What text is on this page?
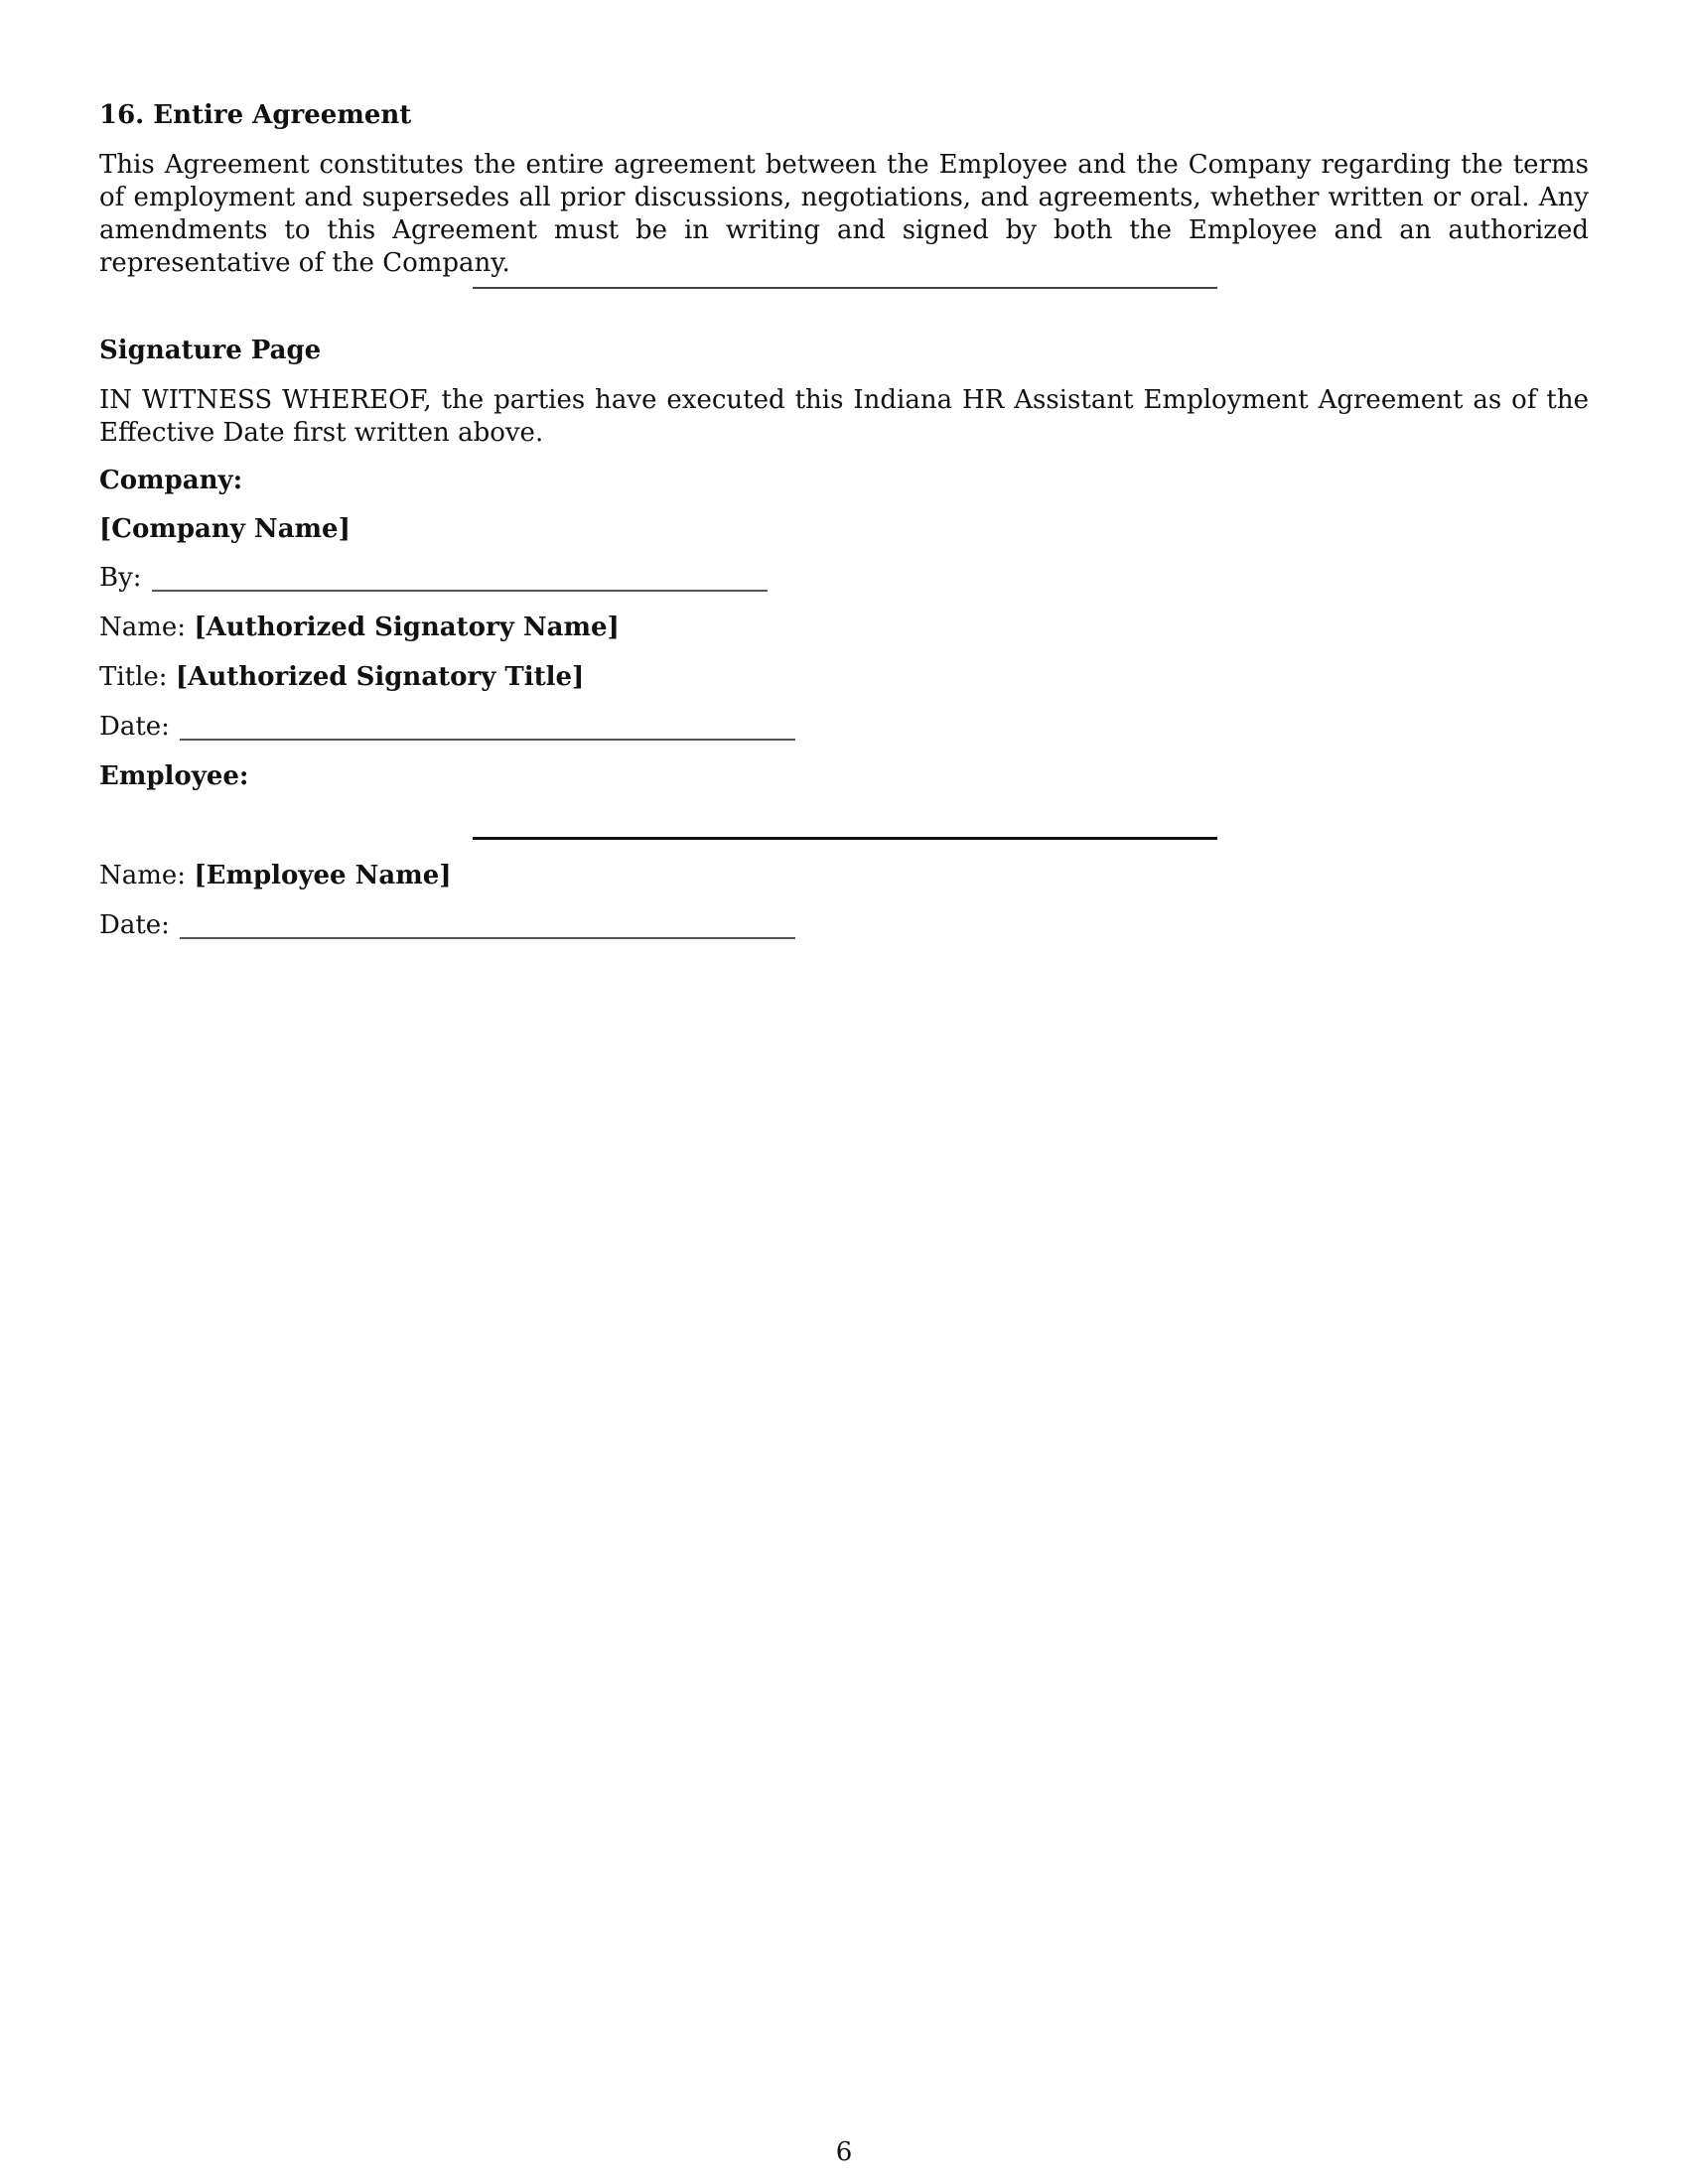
16. Entire Agreement

This Agreement constitutes the entire agreement between the Employee and the Company regarding the terms of employment and supersedes all prior discussions, negotiations, and agreements, whether written or oral. Any amendments to this Agreement must be in writing and signed by both the Employee and an authorized representative of the Company.

Signature Page

IN WITNESS WHEREOF, the parties have executed this Indiana HR Assistant Employment Agreement as of the Effective Date first written above.

Company:
[Company Name]
By:
Name: [Authorized Signatory Name]
Title: [Authorized Signatory Title]
Date:
Employee:
Name: [Employee Name]
Date:
6
